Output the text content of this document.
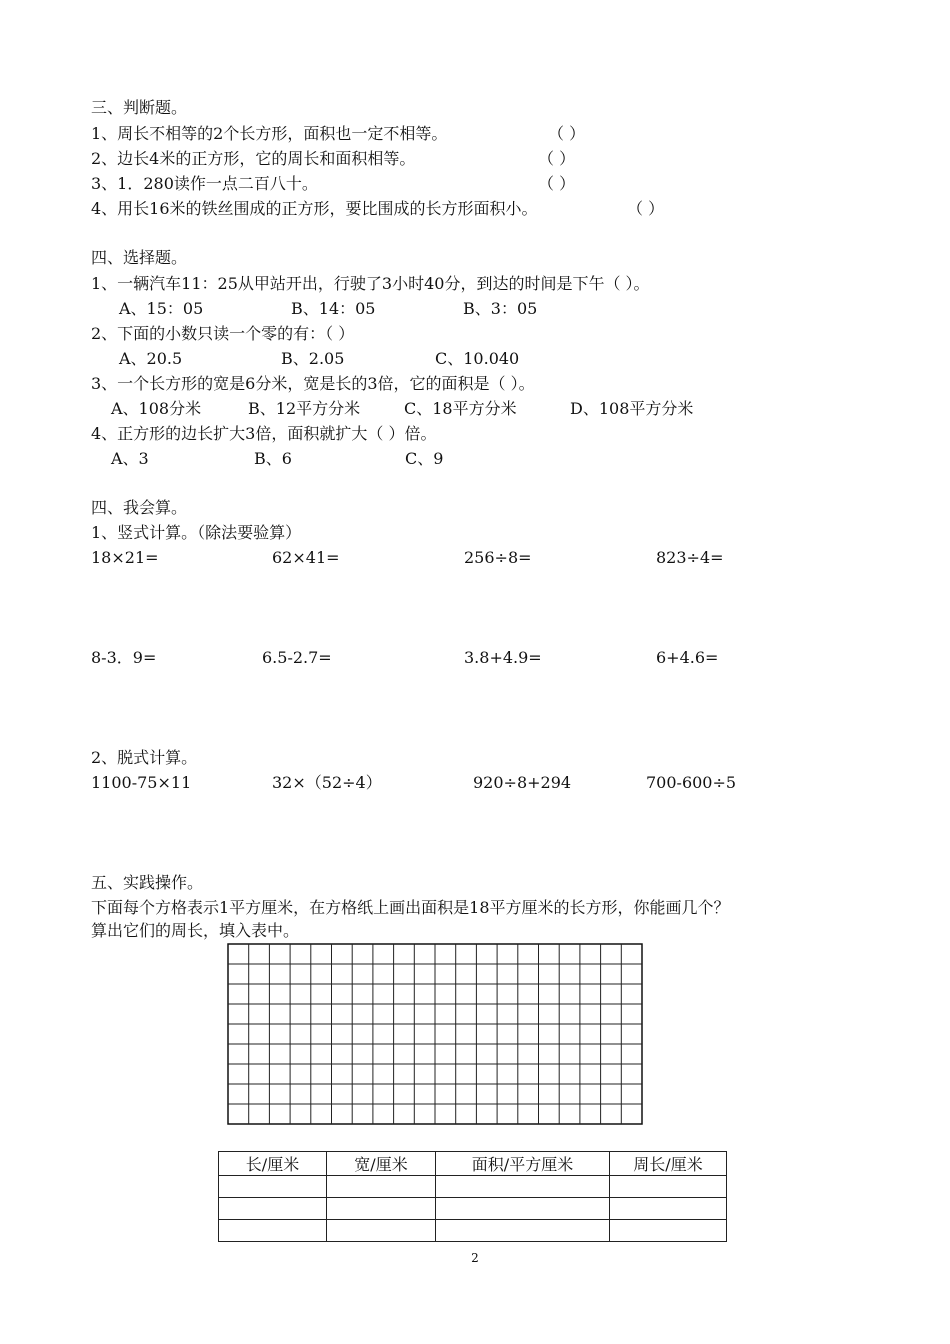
三、判断题。
1、周长不相等的2个长方形，面积也一定不相等。	（ ）
2、边长4米的正方形，它的周长和面积相等。	（ ）
3、1．280读作一点二百八十。	（ ）
4、用长16米的铁丝围成的正方形，要比围成的长方形面积小。	（ ）
四、选择题。
1、一辆汽车11：25从甲站开出，行驶了3小时40分，到达的时间是下午（ ）。
A、15：05	B、14：05	B、3：05
2、下面的小数只读一个零的有：（ ）
A、20.5	B、2.05	C、10.040
3、一个长方形的宽是6分米，宽是长的3倍，它的面积是（ ）。
A、108分米	B、12平方分米	C、18平方分米	D、108平方分米
4、正方形的边长扩大3倍，面积就扩大（ ）倍。
A、3	B、6	C、9
四、我会算。
1、竖式计算。（除法要验算）
18×21=	62×41=	256÷8=	823÷4=
8-3．9=	6.5-2.7=	3.8+4.9=	6+4.6=
2、脱式计算。
1100-75×11	32×（52÷4）	920÷8+294	700-600÷5
五、实践操作。
下面每个方格表示1平方厘米，在方格纸上画出面积是18平方厘米的长方形，你能画几个？
算出它们的周长，填入表中。
长/厘米	宽/厘米	面积/平方厘米	周长/厘米

2
